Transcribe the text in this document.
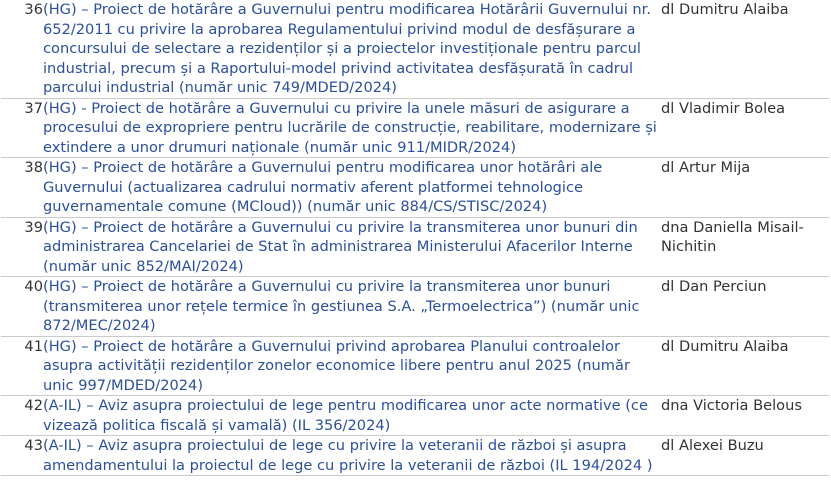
36	(HG) – Proiect de hotărâre a Guvernului pentru modificarea Hotărârii Guvernului nr. 652/2011 cu privire la aprobarea Regulamentului privind modul de desfășurare a concursului de selectare a rezidenților și a proiectelor investiționale pentru parcul industrial, precum și a Raportului-model privind activitatea desfășurată în cadrul parcului industrial (număr unic 749/MDED/2024)	dl Dumitru Alaiba
37	(HG) - Proiect de hotărâre a Guvernului cu privire la unele măsuri de asigurare a procesului de expropriere pentru lucrările de construcție, reabilitare, modernizare și extindere a unor drumuri naționale (număr unic 911/MIDR/2024)	dl Vladimir Bolea
38	(HG) – Proiect de hotărâre a Guvernului pentru modificarea unor hotărâri ale Guvernului (actualizarea cadrului normativ aferent platformei tehnologice guvernamentale comune (MCloud)) (număr unic 884/CS/STISC/2024)	dl Artur Mija
39	(HG) – Proiect de hotărâre a Guvernului cu privire la transmiterea unor bunuri din administrarea Cancelariei de Stat în administrarea Ministerului Afacerilor Interne (număr unic 852/MAI/2024)	dna Daniella Misail-Nichitin
40	(HG) – Proiect de hotărâre a Guvernului cu privire la transmiterea unor bunuri (transmiterea unor rețele termice în gestiunea S.A. „Termoelectrica”) (număr unic 872/MEC/2024)	dl Dan Perciun
41	(HG) – Proiect de hotărâre a Guvernului privind aprobarea Planului controalelor asupra activității rezidenților zonelor economice libere pentru anul 2025 (număr unic 997/MDED/2024)	dl Dumitru Alaiba
42	(A-IL) – Aviz asupra proiectului de lege pentru modificarea unor acte normative (ce vizează politica fiscală și vamală) (IL 356/2024)	dna Victoria Belous
43	(A-IL) – Aviz asupra proiectului de lege cu privire la veteranii de război și asupra amendamentului la proiectul de lege cu privire la veteranii de război (IL 194/2024 )	dl Alexei Buzu
